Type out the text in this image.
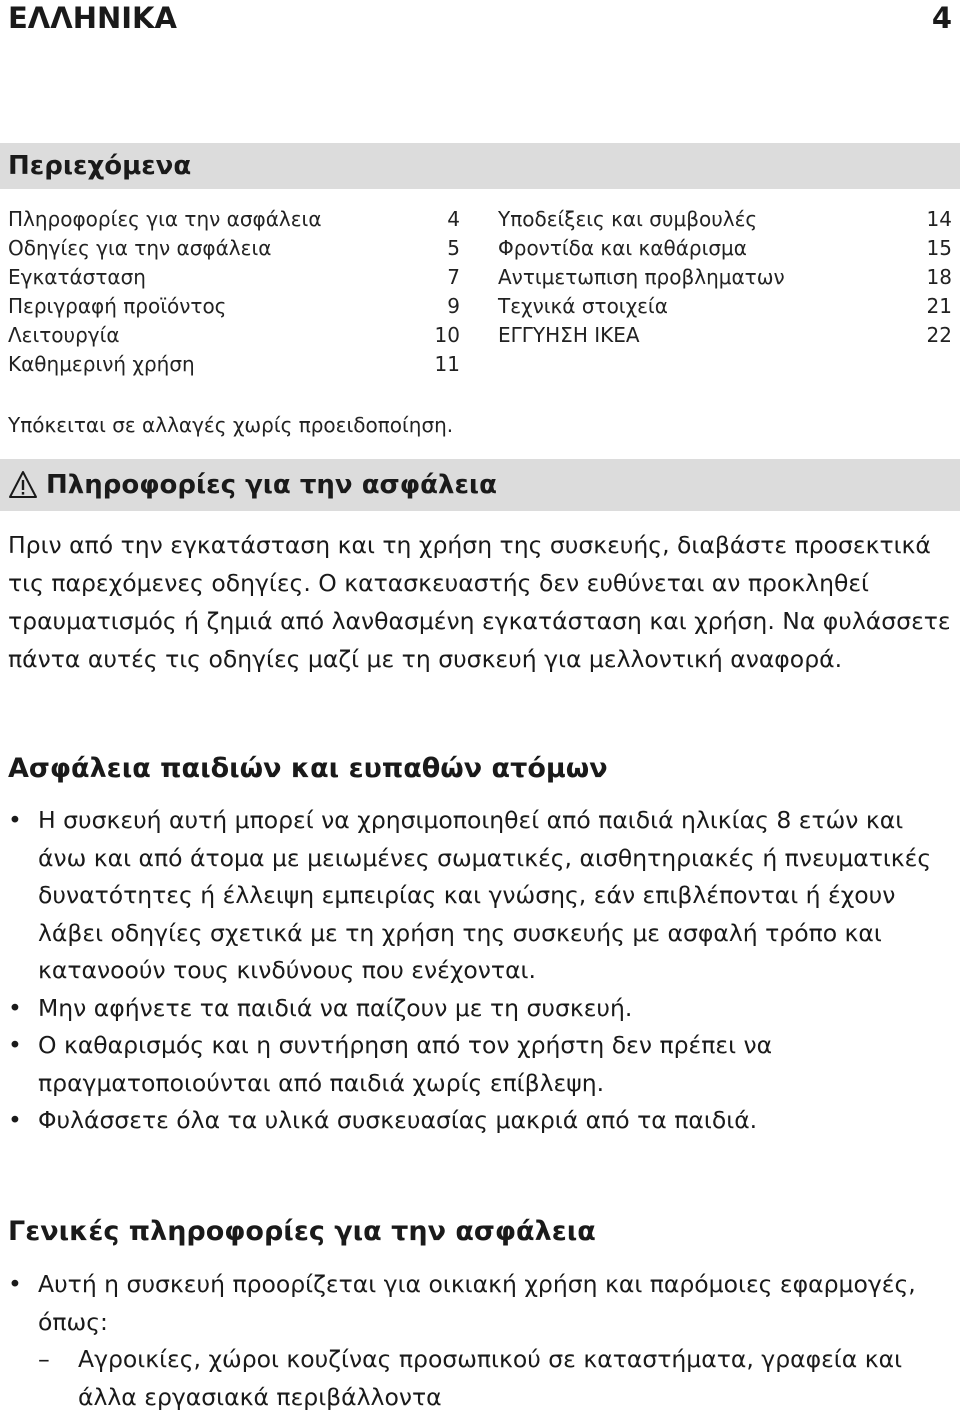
ΕΛΛΗΝΙΚΑ	4
Περιεχόμενα
Πληροφορίες για την ασφάλεια	4
Οδηγίες για την ασφάλεια	5
Εγκατάσταση	7
Περιγραφή προϊόντος	9
Λειτουργία	10
Καθημερινή χρήση	11
Υποδείξεις και συμβουλές	14
Φροντίδα και καθάρισμα	15
Αντιμετωπιση προβληματων	18
Τεχνικά στοιχεία	21
ΕΓΓΥΗΣΗ IKEA	22
Υπόκειται σε αλλαγές χωρίς προειδοποίηση.
Πληροφορίες για την ασφάλεια
Πριν από την εγκατάσταση και τη χρήση της συσκευής, διαβάστε προσεκτικά τις παρεχόμενες οδηγίες. Ο κατασκευαστής δεν ευθύνεται αν προκληθεί τραυματισμός ή ζημιά από λανθασμένη εγκατάσταση και χρήση. Να φυλάσσετε πάντα αυτές τις οδηγίες μαζί με τη συσκευή για μελλοντική αναφορά.
Ασφάλεια παιδιών και ευπαθών ατόμων
• Η συσκευή αυτή μπορεί να χρησιμοποιηθεί από παιδιά ηλικίας 8 ετών και άνω και από άτομα με μειωμένες σωματικές, αισθητηριακές ή πνευματικές δυνατότητες ή έλλειψη εμπειρίας και γνώσης, εάν επιβλέπονται ή έχουν λάβει οδηγίες σχετικά με τη χρήση της συσκευής με ασφαλή τρόπο και κατανοούν τους κινδύνους που ενέχονται.
• Μην αφήνετε τα παιδιά να παίζουν με τη συσκευή.
• Ο καθαρισμός και η συντήρηση από τον χρήστη δεν πρέπει να πραγματοποιούνται από παιδιά χωρίς επίβλεψη.
• Φυλάσσετε όλα τα υλικά συσκευασίας μακριά από τα παιδιά.
Γενικές πληροφορίες για την ασφάλεια
• Αυτή η συσκευή προορίζεται για οικιακή χρήση και παρόμοιες εφαρμογές, όπως:
– Αγροικίες, χώροι κουζίνας προσωπικού σε καταστήματα, γραφεία και άλλα εργασιακά περιβάλλοντα
